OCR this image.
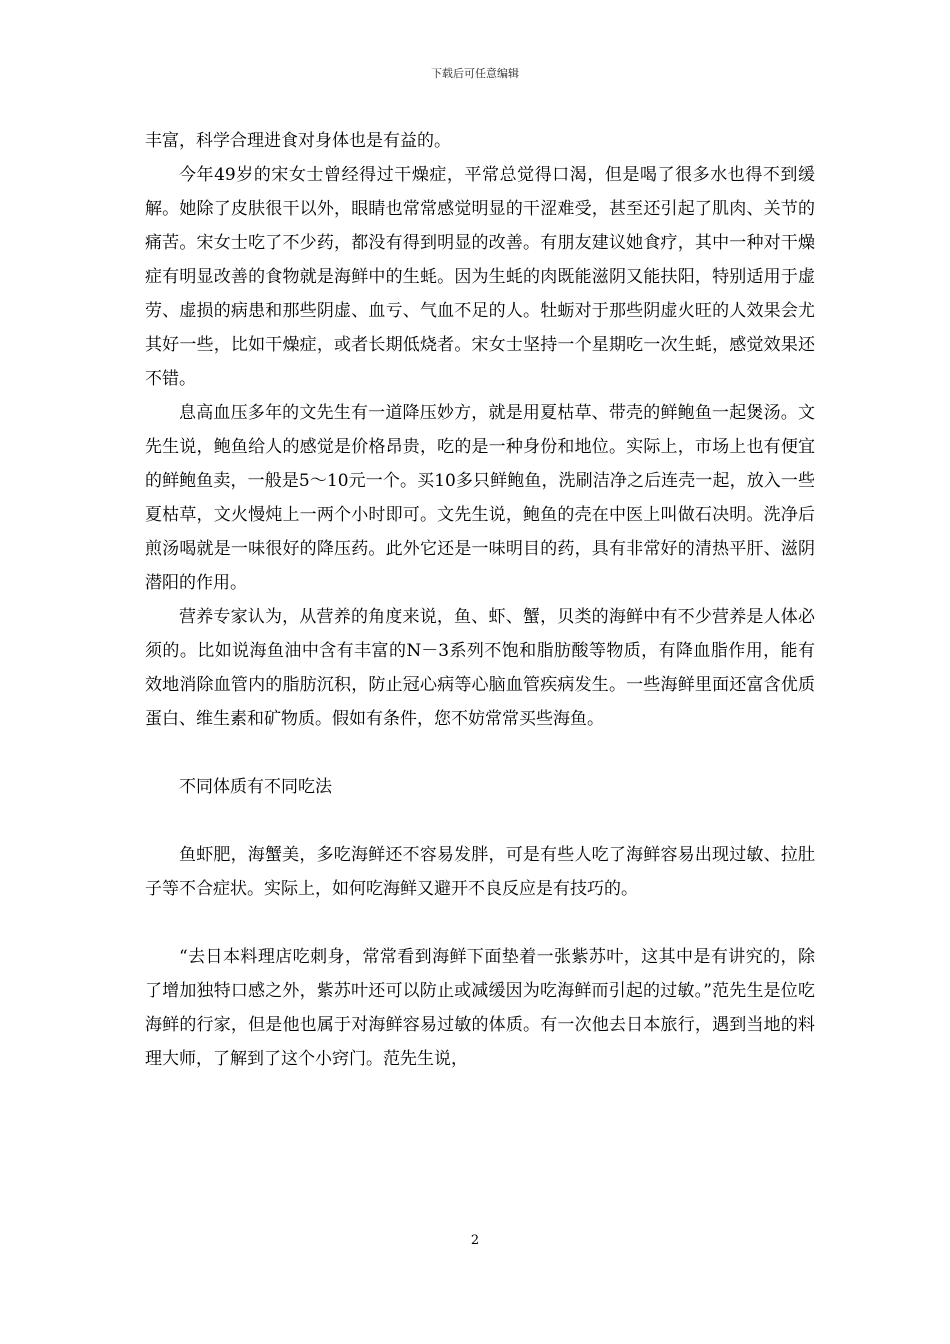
下载后可任意编辑

丰富，科学合理进食对身体也是有益的。

今年49岁的宋女士曾经得过干燥症，平常总觉得口渴，但是喝了很多水也得不到缓解。她除了皮肤很干以外，眼睛也常常感觉明显的干涩难受，甚至还引起了肌肉、关节的痛苦。宋女士吃了不少药，都没有得到明显的改善。有朋友建议她食疗，其中一种对干燥症有明显改善的食物就是海鲜中的生蚝。因为生蚝的肉既能滋阴又能扶阳，特别适用于虚劳、虚损的病患和那些阴虚、血亏、气血不足的人。牡蛎对于那些阴虚火旺的人效果会尤其好一些，比如干燥症，或者长期低烧者。宋女士坚持一个星期吃一次生蚝，感觉效果还不错。

息高血压多年的文先生有一道降压妙方，就是用夏枯草、带壳的鲜鲍鱼一起煲汤。文先生说，鲍鱼给人的感觉是价格昂贵，吃的是一种身份和地位。实际上，市场上也有便宜的鲜鲍鱼卖，一般是5～10元一个。买10多只鲜鲍鱼，洗刷洁净之后连壳一起，放入一些夏枯草，文火慢炖上一两个小时即可。文先生说，鲍鱼的壳在中医上叫做石决明。洗净后煎汤喝就是一味很好的降压药。此外它还是一味明目的药，具有非常好的清热平肝、滋阴潜阳的作用。

营养专家认为，从营养的角度来说，鱼、虾、蟹，贝类的海鲜中有不少营养是人体必须的。比如说海鱼油中含有丰富的N－3系列不饱和脂肪酸等物质，有降血脂作用，能有效地消除血管内的脂肪沉积，防止冠心病等心脑血管疾病发生。一些海鲜里面还富含优质蛋白、维生素和矿物质。假如有条件，您不妨常常买些海鱼。

不同体质有不同吃法

鱼虾肥，海蟹美，多吃海鲜还不容易发胖，可是有些人吃了海鲜容易出现过敏、拉肚子等不合症状。实际上，如何吃海鲜又避开不良反应是有技巧的。

“去日本料理店吃刺身，常常看到海鲜下面垫着一张紫苏叶，这其中是有讲究的，除了增加独特口感之外，紫苏叶还可以防止或减缓因为吃海鲜而引起的过敏。”范先生是位吃海鲜的行家，但是他也属于对海鲜容易过敏的体质。有一次他去日本旅行，遇到当地的料理大师，了解到了这个小窍门。范先生说，

2
